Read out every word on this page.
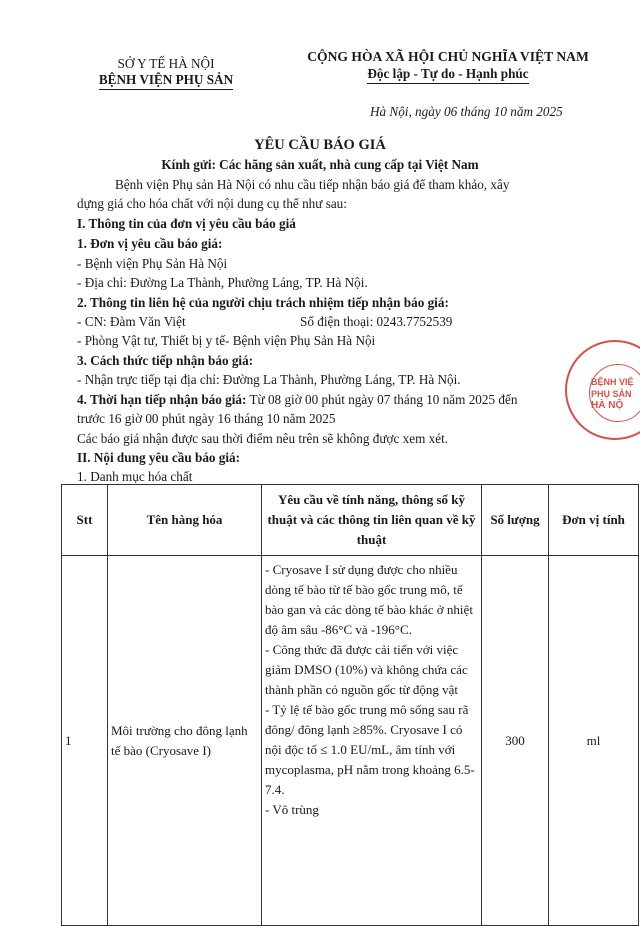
SỞ Y TẾ HÀ NỘI
BỆNH VIỆN PHỤ SẢN
CỘNG HÒA XÃ HỘI CHỦ NGHĨA VIỆT NAM
Độc lập - Tự do - Hạnh phúc
Hà Nội, ngày 06 tháng 10 năm 2025
YÊU CẦU BÁO GIÁ
Kính gửi: Các hãng sản xuất, nhà cung cấp tại Việt Nam
Bệnh viện Phụ sản Hà Nội có nhu cầu tiếp nhận báo giá để tham khảo, xây
dựng giá cho hóa chất với nội dung cụ thể như sau:
I. Thông tin của đơn vị yêu cầu báo giá
1. Đơn vị yêu cầu báo giá:
- Bệnh viện Phụ Sản Hà Nội
- Địa chỉ: Đường La Thành, Phường Láng, TP. Hà Nội.
2. Thông tin liên hệ của người chịu trách nhiệm tiếp nhận báo giá:
- CN: Đàm Văn Việt	Số điện thoại: 0243.7752539
- Phòng Vật tư, Thiết bị y tế- Bệnh viện Phụ Sản Hà Nội
3. Cách thức tiếp nhận báo giá:
- Nhận trực tiếp tại địa chỉ: Đường La Thành, Phường Láng, TP. Hà Nội.
4. Thời hạn tiếp nhận báo giá: Từ 08 giờ 00 phút ngày 07 tháng 10 năm 2025 đến
trước 16 giờ 00 phút ngày 16 tháng 10 năm 2025
Các báo giá nhận được sau thời điểm nêu trên sẽ không được xem xét.
II. Nội dung yêu cầu báo giá:
1. Danh mục hóa chất
Stt	Tên hàng hóa	Yêu cầu về tính năng, thông số kỹ thuật và các thông tin liên quan về kỹ thuật	Số lượng	Đơn vị tính
1	Môi trường cho đông lạnh tế bào (Cryosave I)	- Cryosave I sử dụng được cho nhiều dòng tế bào từ tế bào gốc trung mô, tế bào gan và các dòng tế bào khác ở nhiệt độ âm sâu -86°C và -196°C.
- Công thức đã được cải tiến với việc giảm DMSO (10%) và không chứa các thành phần có nguồn gốc từ động vật
- Tỷ lệ tế bào gốc trung mô sống sau rã đông/ đông lạnh ≥85%. Cryosave I có nội độc tố ≤ 1.0 EU/mL, âm tính với mycoplasma, pH nằm trong khoảng 6.5-7.4.
- Vô trùng	300	ml
BỆNH VIỆ
PHỤ SẢN
HÀ NỘ
